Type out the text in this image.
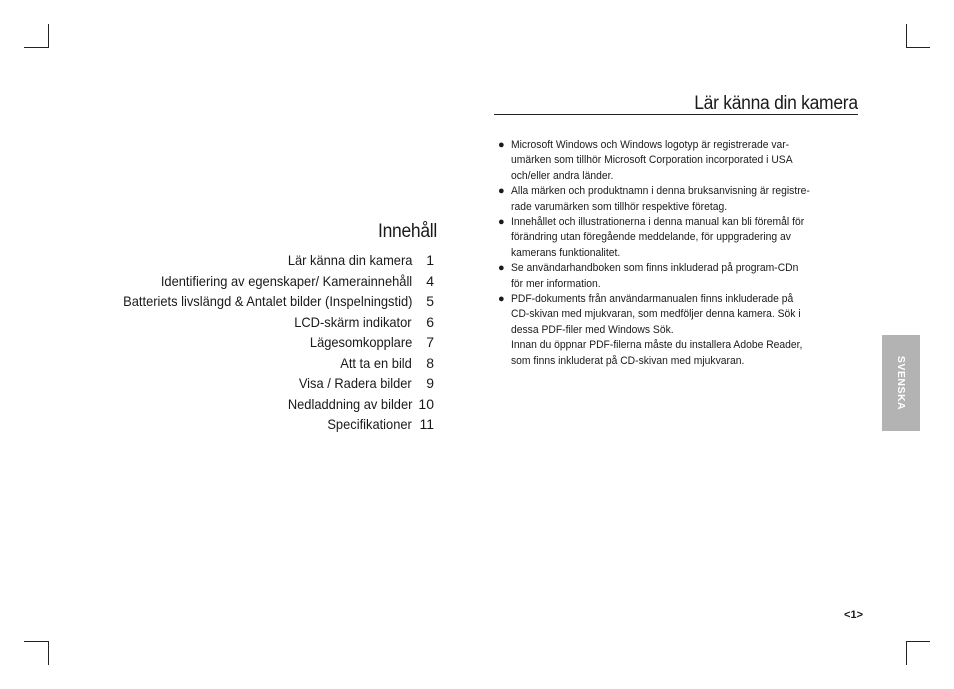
Innehåll
Lär känna din kamera	1
Identifiering av egenskaper/ Kamerainnehåll	4
Batteriets livslängd & Antalet bilder (Inspelningstid)	5
LCD-skärm indikator	6
Lägesomkopplare	7
Att ta en bild	8
Visa / Radera bilder	9
Nedladdning av bilder 10
Specifikationer 11
Lär känna din kamera
● Microsoft Windows och Windows logotyp är registrerade var-
umärken som tillhör Microsoft Corporation incorporated i USA
och/eller andra länder.
● Alla märken och produktnamn i denna bruksanvisning är registre-
rade varumärken som tillhör respektive företag.
● Innehållet och illustrationerna i denna manual kan bli föremål för
förändring utan föregående meddelande, för uppgradering av
kamerans funktionalitet.
● Se användarhandboken som finns inkluderad på program-CDn
för mer information.
● PDF-dokuments från användarmanualen finns inkluderade på
CD-skivan med mjukvaran, som medföljer denna kamera. Sök i
dessa PDF-filer med Windows Sök.
Innan du öppnar PDF-filerna måste du installera Adobe Reader,
som finns inkluderat på CD-skivan med mjukvaran.	SVENSKA
<1>
